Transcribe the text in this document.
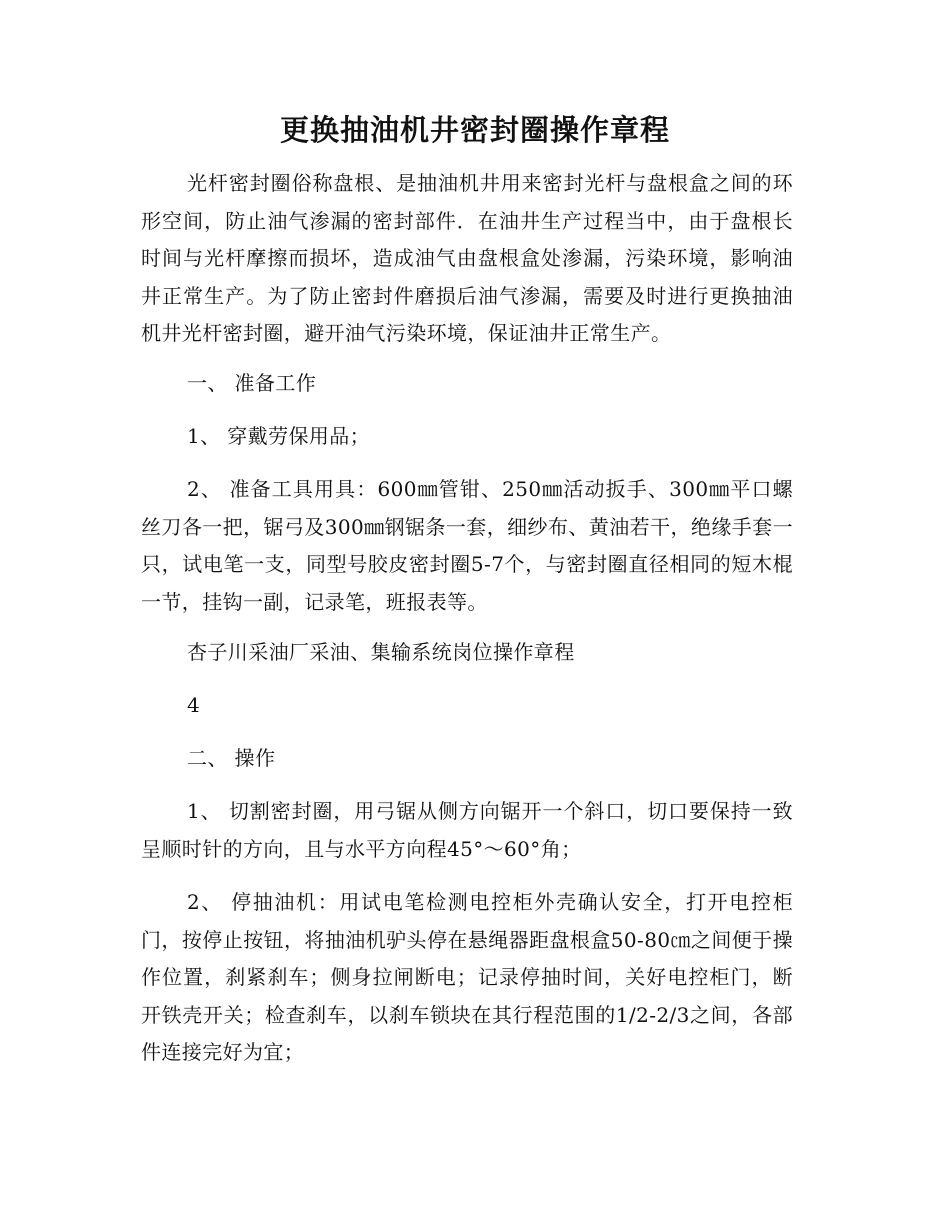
更换抽油机井密封圈操作章程

光杆密封圈俗称盘根、是抽油机井用来密封光杆与盘根盒之间的环形空间，防止油气渗漏的密封部件．在油井生产过程当中，由于盘根长时间与光杆摩擦而损坏，造成油气由盘根盒处渗漏，污染环境，影响油井正常生产。为了防止密封件磨损后油气渗漏，需要及时进行更换抽油机井光杆密封圈，避开油气污染环境，保证油井正常生产。

一、 准备工作

1、 穿戴劳保用品；

2、 准备工具用具：600㎜管钳、250㎜活动扳手、300㎜平口螺丝刀各一把，锯弓及300㎜钢锯条一套，细纱布、黄油若干，绝缘手套一只，试电笔一支，同型号胶皮密封圈5-7个，与密封圈直径相同的短木棍一节，挂钩一副，记录笔，班报表等。

杏子川采油厂采油、集输系统岗位操作章程

4

二、 操作

1、 切割密封圈，用弓锯从侧方向锯开一个斜口，切口要保持一致呈顺时针的方向，且与水平方向程45°～60°角；

2、 停抽油机：用试电笔检测电控柜外壳确认安全，打开电控柜门，按停止按钮，将抽油机驴头停在悬绳器距盘根盒50-80㎝之间便于操作位置，刹紧刹车；侧身拉闸断电；记录停抽时间，关好电控柜门，断开铁壳开关；检查刹车，以刹车锁块在其行程范围的1/2-2/3之间，各部件连接完好为宜；
